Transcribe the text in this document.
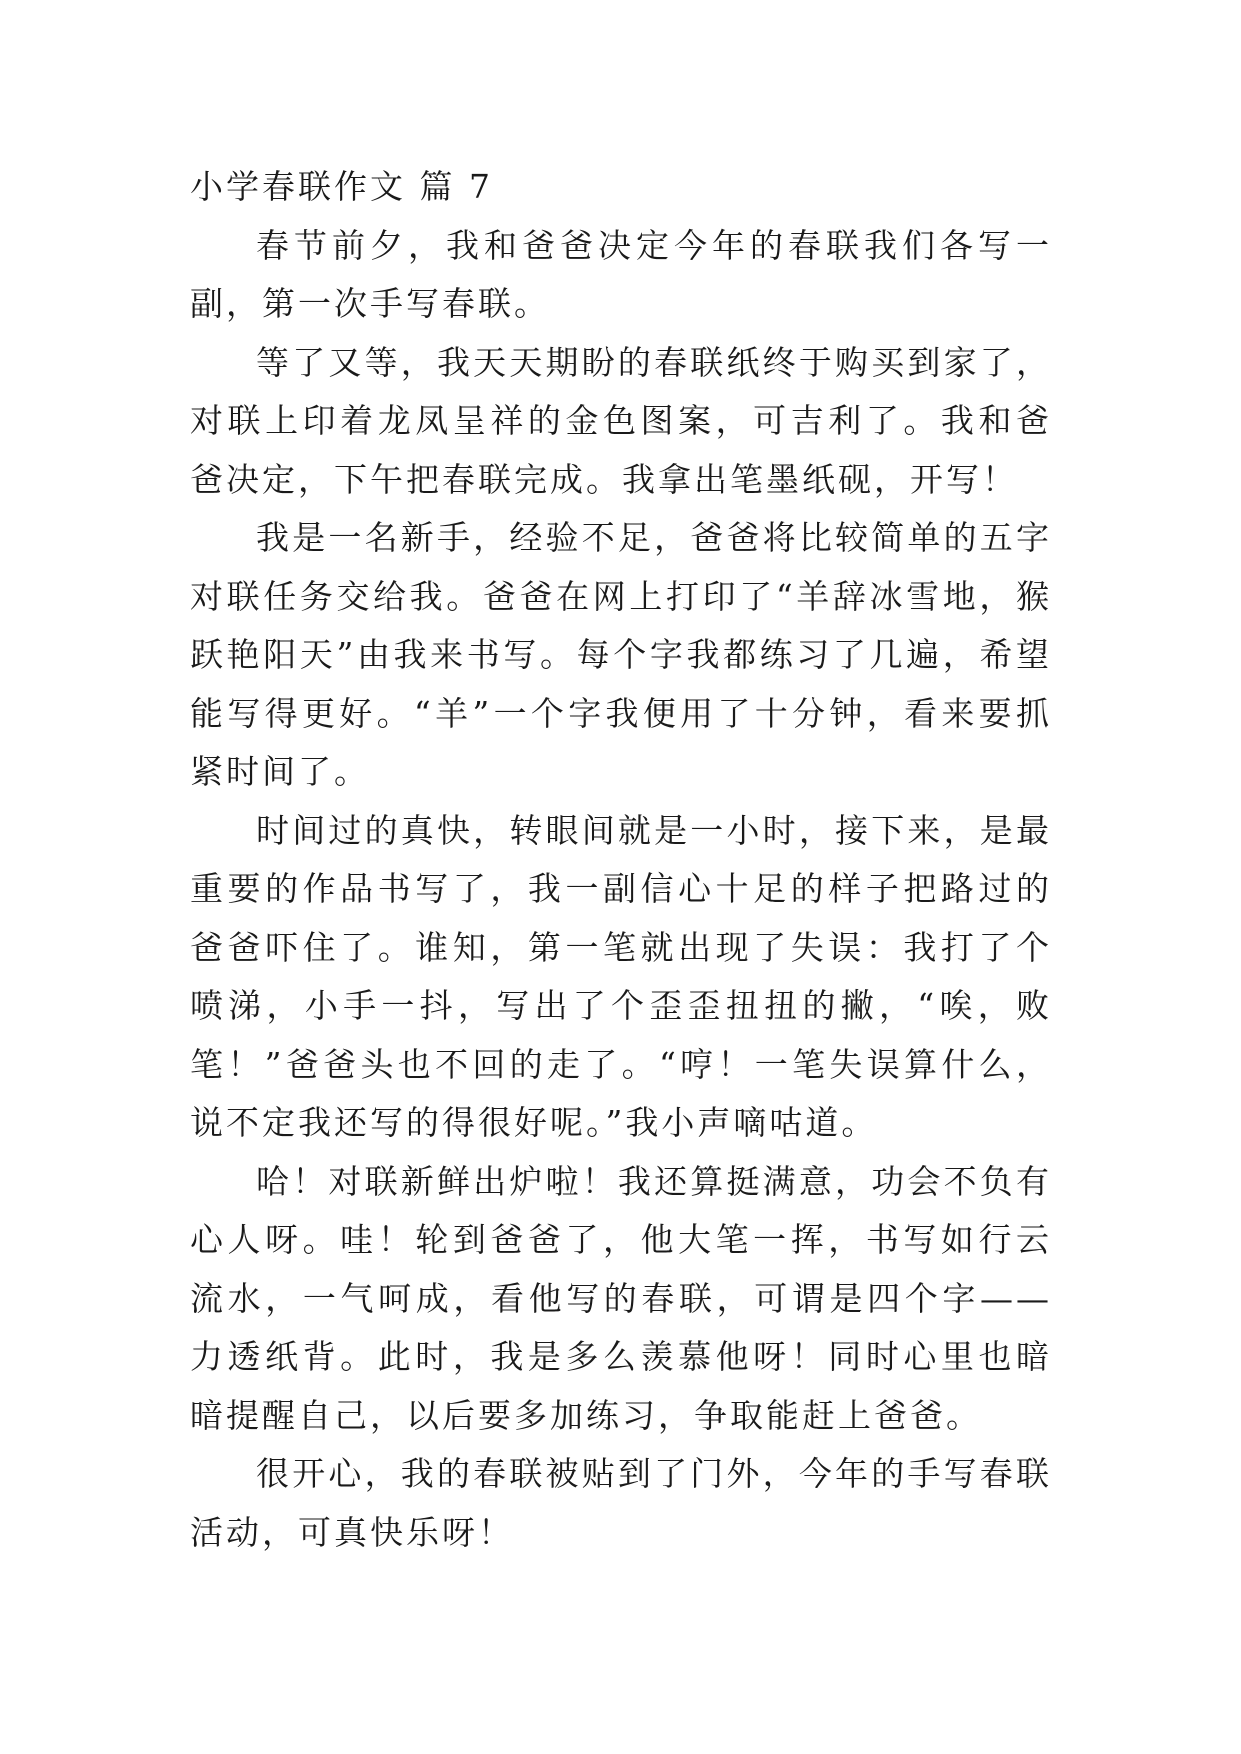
小学春联作文 篇 7

春节前夕，我和爸爸决定今年的春联我们各写一副，第一次手写春联。

等了又等，我天天期盼的春联纸终于购买到家了，对联上印着龙凤呈祥的金色图案，可吉利了。我和爸爸决定，下午把春联完成。我拿出笔墨纸砚，开写！

我是一名新手，经验不足，爸爸将比较简单的五字对联任务交给我。爸爸在网上打印了“羊辞冰雪地，猴跃艳阳天”由我来书写。每个字我都练习了几遍，希望能写得更好。“羊”一个字我便用了十分钟，看来要抓紧时间了。

时间过的真快，转眼间就是一小时，接下来，是最重要的作品书写了，我一副信心十足的样子把路过的爸爸吓住了。谁知，第一笔就出现了失误：我打了个喷涕，小手一抖，写出了个歪歪扭扭的撇，“唉，败笔！”爸爸头也不回的走了。“哼！一笔失误算什么，说不定我还写的得很好呢。”我小声嘀咕道。

哈！对联新鲜出炉啦！我还算挺满意，功会不负有心人呀。哇！轮到爸爸了，他大笔一挥，书写如行云流水，一气呵成，看他写的春联，可谓是四个字——力透纸背。此时，我是多么羡慕他呀！同时心里也暗暗提醒自己，以后要多加练习，争取能赶上爸爸。

很开心，我的春联被贴到了门外，今年的手写春联活动，可真快乐呀！
